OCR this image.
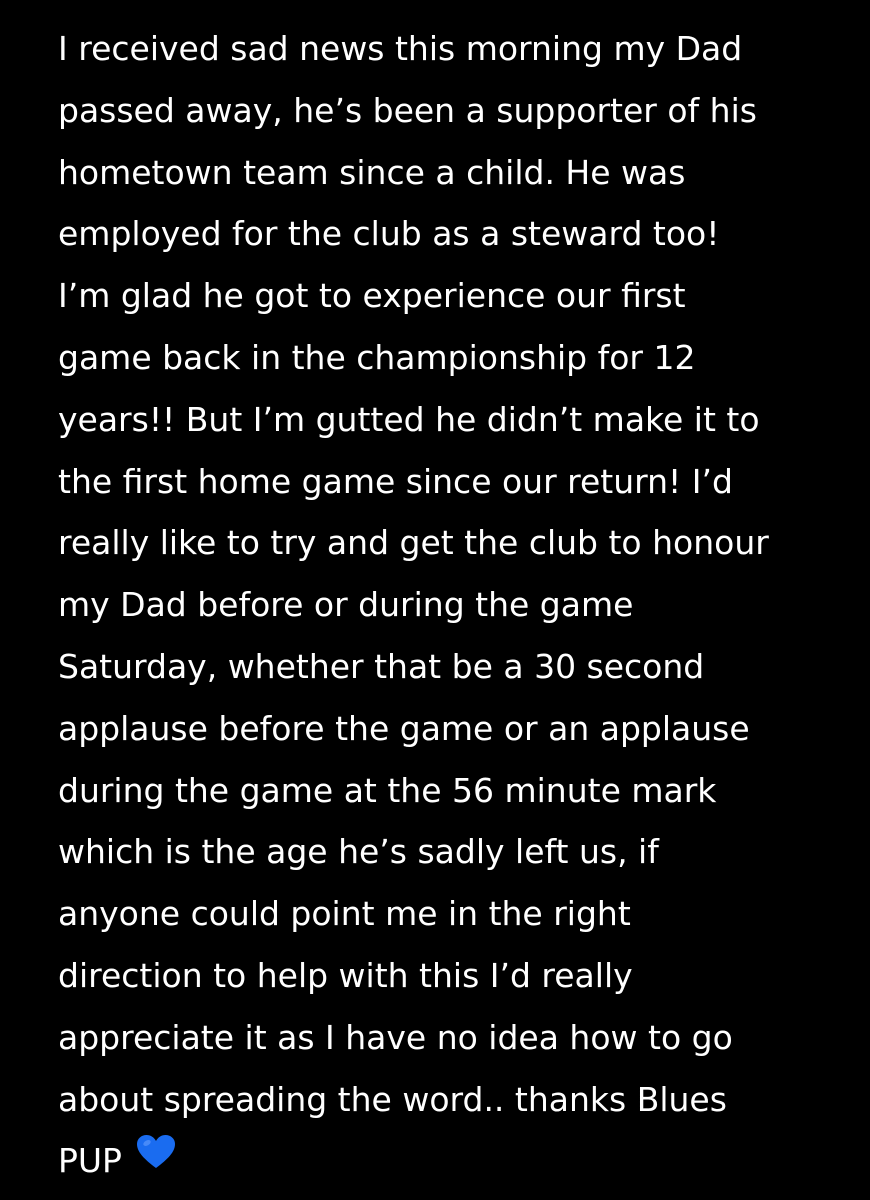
I received sad news this morning my Dad
passed away, he’s been a supporter of his
hometown team since a child. He was
employed for the club as a steward too!
I’m glad he got to experience our first
game back in the championship for 12
years!! But I’m gutted he didn’t make it to
the first home game since our return! I’d
really like to try and get the club to honour
my Dad before or during the game
Saturday, whether that be a 30 second
applause before the game or an applause
during the game at the 56 minute mark
which is the age he’s sadly left us, if
anyone could point me in the right
direction to help with this I’d really
appreciate it as I have no idea how to go
about spreading the word.. thanks Blues
PUP
